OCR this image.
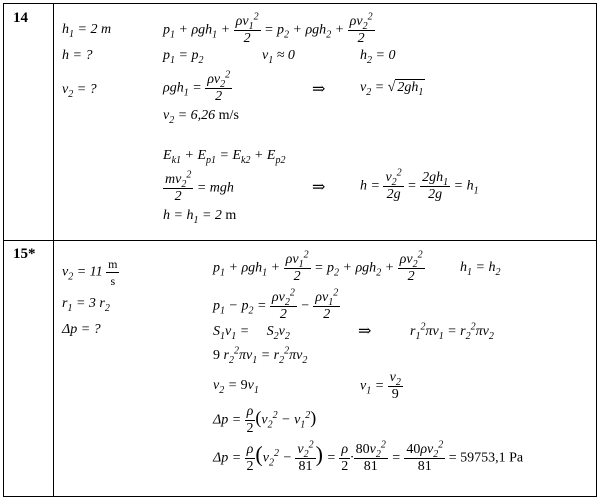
14
$h_1 = 2$ m
h = ?
$v_2$ = ?
$p_1 + \rho gh_1 + \frac{\rho v_1^2}{2} = p_2 + \rho gh_2 + \frac{\rho v_2^2}{2}$
$p_1 = p_2$	$v_1 \approx 0$	$h_2 = 0$
$\rho gh_1 = \frac{\rho v_2^2}{2}$	⇒ $v_2$ = √ $2gh_1$
$v_2 = 6,26$ m/s
$E_{k1} + E_{p1} = E_{k2} + E_{p2}$
$\frac{mv_2^2}{2}$ = mgh	⇒ $h = \frac{v_2^2}{2g} = \frac{2gh_1}{2g} = h_1$
$h = h_1 = 2$ m
15*
$v_2 = 11 \frac{m}{s}$
$r_1 = 3$ $r_2$
Δp = ?
$p_1 + \rho gh_1 + \frac{\rho v_1^2}{2} = p_2 + \rho gh_2 + \frac{\rho v_2^2}{2}$	$h_1 = h_2$
$p_1 - p_2 = \frac{\rho v_2^2}{2} - \frac{\rho v_1^2}{2}$
$S_1v_1$ =     $S_2v_2$	⇒	$r_1^2\pi v_1 = r_2^2\pi v_2$
9 $r_2^2\pi v_1 = r_2^2\pi v_2$
$v_2 = 9v_1$	$v_1 = \frac{v_2}{9}$
$\Delta p = \frac{\rho}{2} (v_2^2 - v_1^2)$
$\Delta p = \frac{\rho}{2} (v_2^2 - \frac{v_2^2}{81}$ ) = $\frac{\rho}{2} \cdot \frac{80v_2^2}{81} = \frac{40\rho v_2^2}{81} = 59753,1$ Pa
